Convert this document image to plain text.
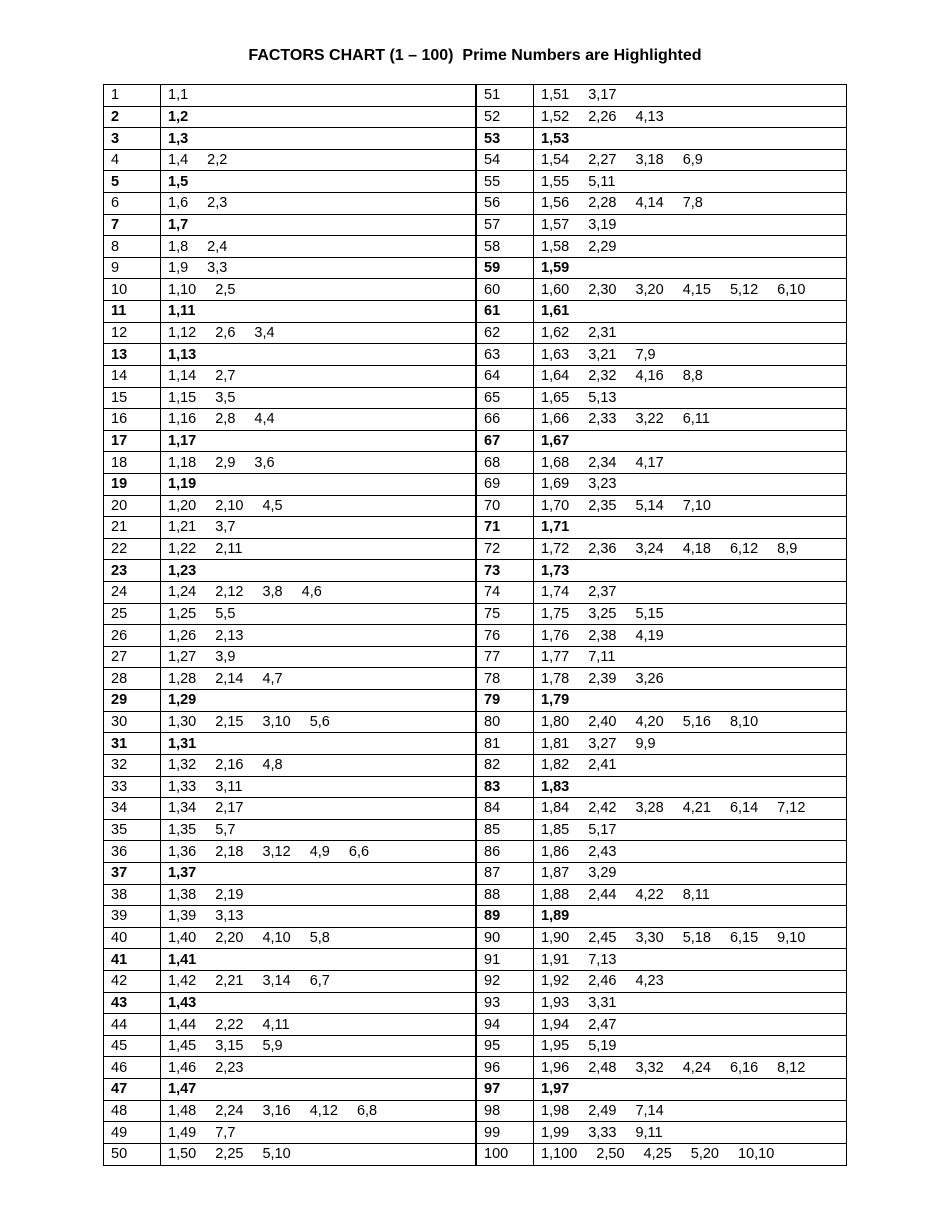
FACTORS CHART (1 – 100)  Prime Numbers are Highlighted
1	1,1
2	1,2
3	1,3
4	1,4 2,2
5	1,5
6	1,6 2,3
7	1,7
8	1,8 2,4
9	1,9 3,3
10	1,10 2,5
11	1,11
12	1,12 2,6 3,4
13	1,13
14	1,14 2,7
15	1,15 3,5
16	1,16 2,8 4,4
17	1,17
18	1,18 2,9 3,6
19	1,19
20	1,20 2,10 4,5
21	1,21 3,7
22	1,22 2,11
23	1,23
24	1,24 2,12 3,8 4,6
25	1,25 5,5
26	1,26 2,13
27	1,27 3,9
28	1,28 2,14 4,7
29	1,29
30	1,30 2,15 3,10 5,6
31	1,31
32	1,32 2,16 4,8
33	1,33 3,11
34	1,34 2,17
35	1,35 5,7
36	1,36 2,18 3,12 4,9 6,6
37	1,37
38	1,38 2,19
39	1,39 3,13
40	1,40 2,20 4,10 5,8
41	1,41
42	1,42 2,21 3,14 6,7
43	1,43
44	1,44 2,22 4,11
45	1,45 3,15 5,9
46	1,46 2,23
47	1,47
48	1,48 2,24 3,16 4,12 6,8
49	1,49 7,7
50	1,50 2,25 5,10
51	1,51 3,17
52	1,52 2,26 4,13
53	1,53
54	1,54 2,27 3,18 6,9
55	1,55 5,11
56	1,56 2,28 4,14 7,8
57	1,57 3,19
58	1,58 2,29
59	1,59
60	1,60 2,30 3,20 4,15 5,12 6,10
61	1,61
62	1,62 2,31
63	1,63 3,21 7,9
64	1,64 2,32 4,16 8,8
65	1,65 5,13
66	1,66 2,33 3,22 6,11
67	1,67
68	1,68 2,34 4,17
69	1,69 3,23
70	1,70 2,35 5,14 7,10
71	1,71
72	1,72 2,36 3,24 4,18 6,12 8,9
73	1,73
74	1,74 2,37
75	1,75 3,25 5,15
76	1,76 2,38 4,19
77	1,77 7,11
78	1,78 2,39 3,26
79	1,79
80	1,80 2,40 4,20 5,16 8,10
81	1,81 3,27 9,9
82	1,82 2,41
83	1,83
84	1,84 2,42 3,28 4,21 6,14 7,12
85	1,85 5,17
86	1,86 2,43
87	1,87 3,29
88	1,88 2,44 4,22 8,11
89	1,89
90	1,90 2,45 3,30 5,18 6,15 9,10
91	1,91 7,13
92	1,92 2,46 4,23
93	1,93 3,31
94	1,94 2,47
95	1,95 5,19
96	1,96 2,48 3,32 4,24 6,16 8,12
97	1,97
98	1,98 2,49 7,14
99	1,99 3,33 9,11
100	1,100 2,50 4,25 5,20 10,10
